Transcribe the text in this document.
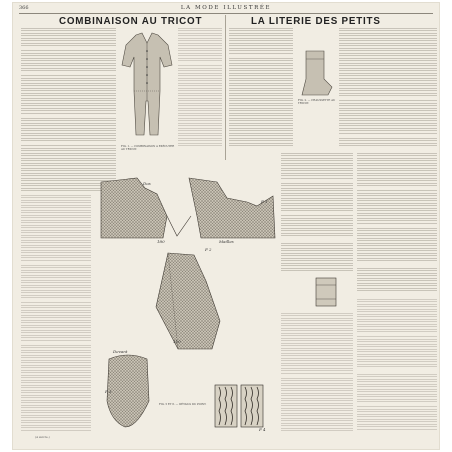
366	LA MODE ILLUSTRÉE
COMBINAISON AU TRICOT	LA LITERIE DES PETITS
FIG. 1. — COMBINAISON A EXÉCUTER AU TRICOT.
FIG. 2. — CHAUSSETTE AU TRICOT.
Dos
F 1
180	Mailles
F 2
110
Devant
F 3
FIG. 5 ET 6. — DÉTAILS DU POINT.
F 4
(A suivre.)
